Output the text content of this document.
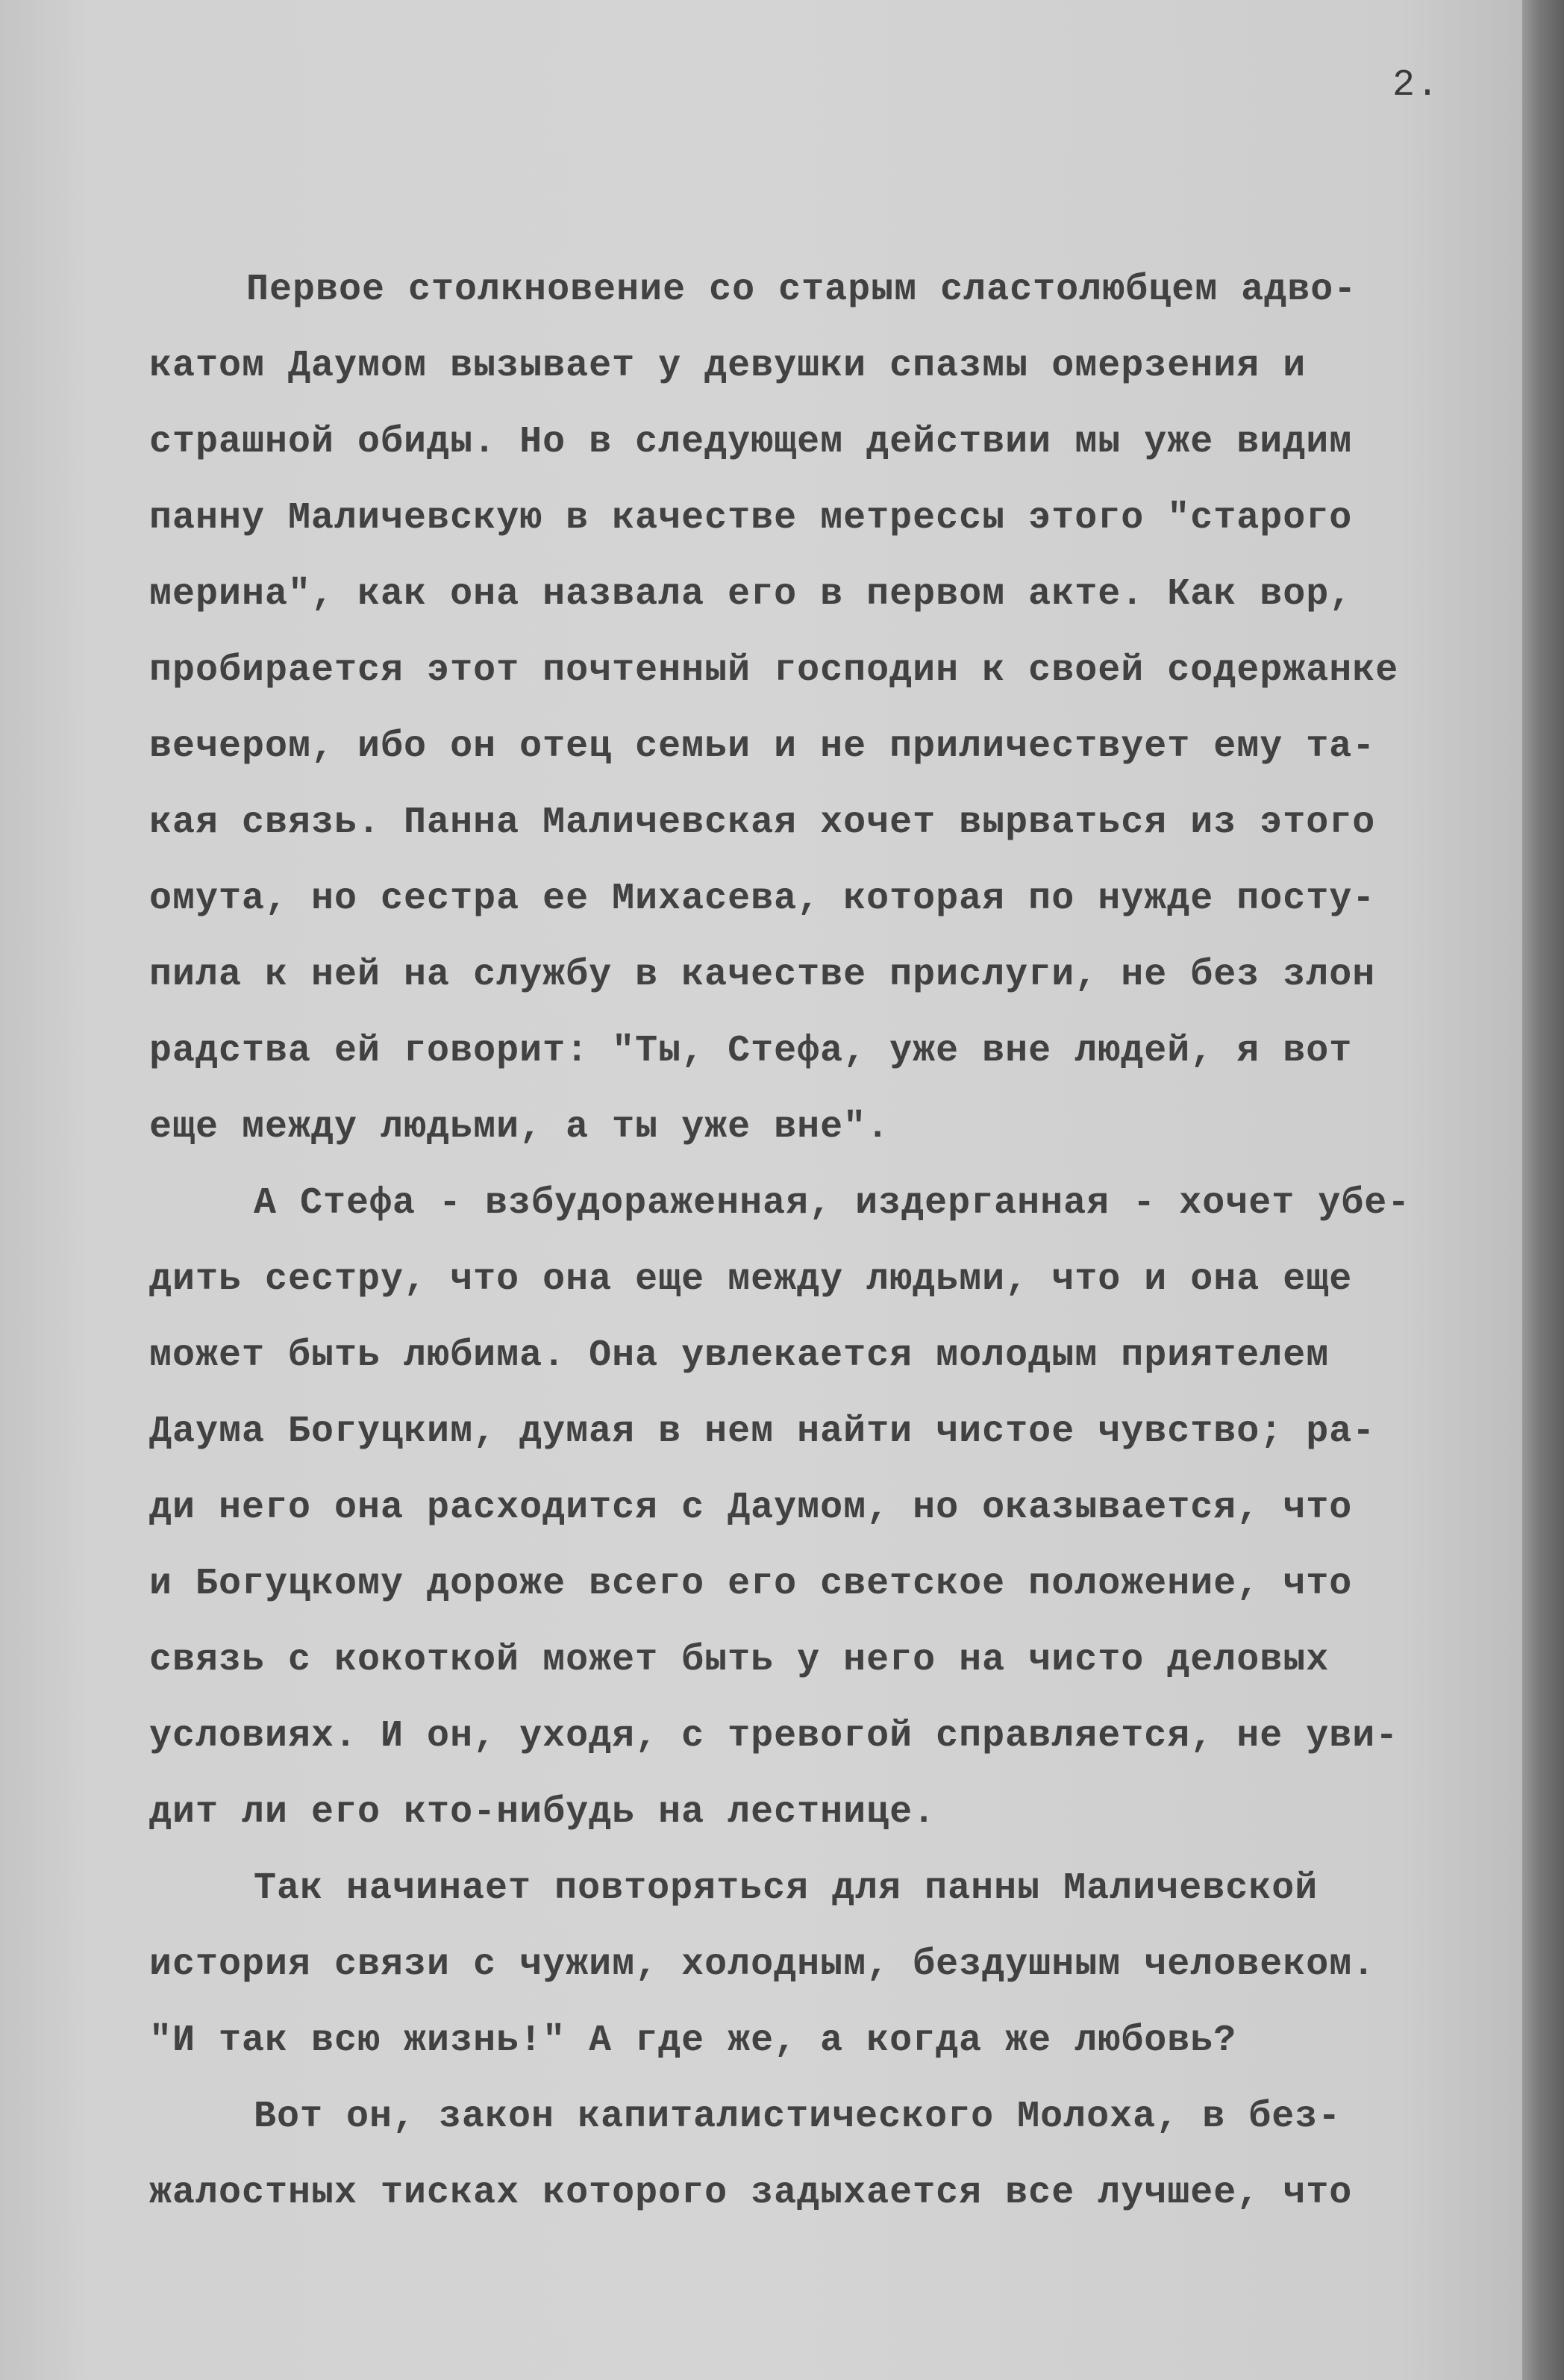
2.
Первое столкновение со старым сластолюбцем адво-
катом Даумом вызывает у девушки спазмы омерзения и
страшной обиды. Но в следующем действии мы уже видим
панну Маличевскую в качестве метрессы этого "старого
мерина", как она назвала его в первом акте. Как вор,
пробирается этот почтенный господин к своей содержанке
вечером, ибо он отец семьи и не приличествует ему та-
кая связь. Панна Маличевская хочет вырваться из этого
омута, но сестра ее Михасева, которая по нужде посту-
пила к ней на службу в качестве прислуги, не без злон
радства ей говорит: "Ты, Стефа, уже вне людей, я вот
еще между людьми, а ты уже вне".
А Стефа - взбудораженная, издерганная - хочет убе-
дить сестру, что она еще между людьми, что и она еще
может быть любима. Она увлекается молодым приятелем
Даума Богуцким, думая в нем найти чистое чувство; ра-
ди него она расходится с Даумом, но оказывается, что
и Богуцкому дороже всего его светское положение, что
связь с кокоткой может быть у него на чисто деловых
условиях. И он, уходя, с тревогой справляется, не уви-
дит ли его кто-нибудь на лестнице.
Так начинает повторяться для панны Маличевской
история связи с чужим, холодным, бездушным человеком.
"И так всю жизнь!" А где же, а когда же любовь?
Вот он, закон капиталистического Молоха, в без-
жалостных тисках которого задыхается все лучшее, что
